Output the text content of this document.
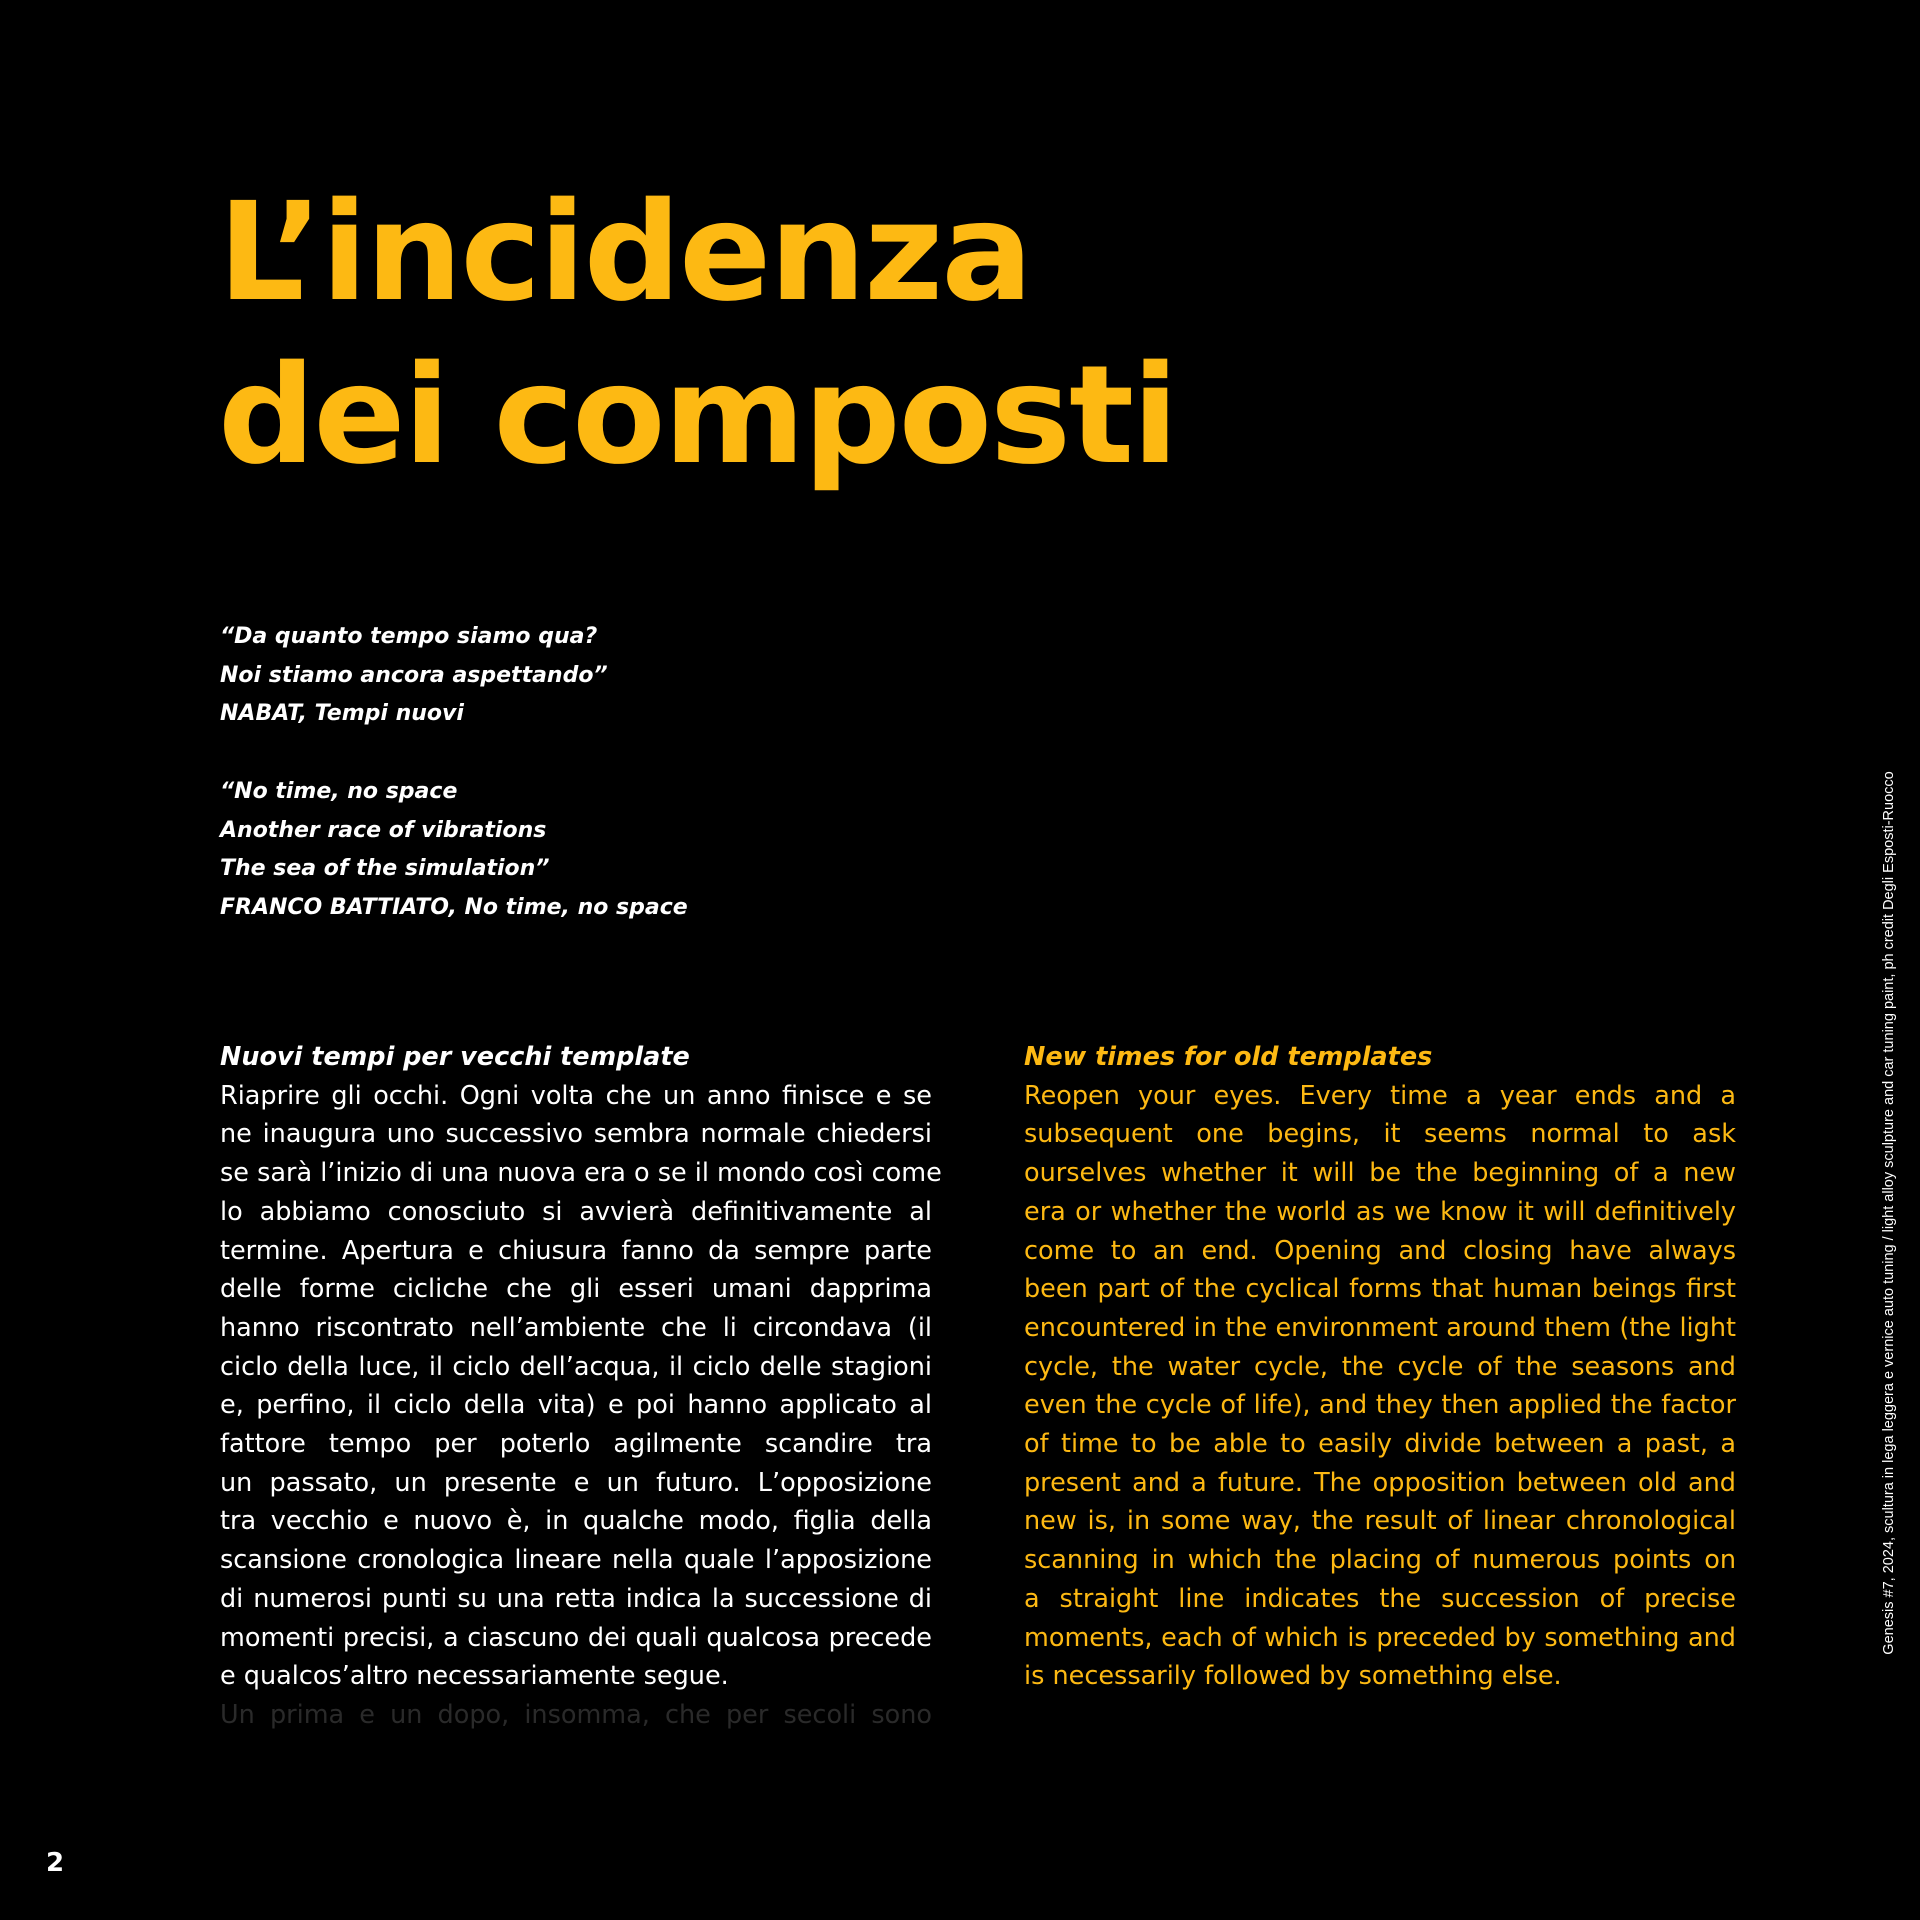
L’incidenza
dei composti

“Da quanto tempo siamo qua?
Noi stiamo ancora aspettando”
NABAT, Tempi nuovi

“No time, no space
Another race of vibrations
The sea of the simulation”
FRANCO BATTIATO, No time, no space

Nuovi tempi per vecchi template
Riaprire gli occhi. Ogni volta che un anno finisce e se
ne inaugura uno successivo sembra normale chiedersi
se sarà l’inizio di una nuova era o se il mondo così come
lo abbiamo conosciuto si avvierà definitivamente al
termine. Apertura e chiusura fanno da sempre parte
delle forme cicliche che gli esseri umani dapprima
hanno riscontrato nell’ambiente che li circondava (il
ciclo della luce, il ciclo dell’acqua, il ciclo delle stagioni
e, perfino, il ciclo della vita) e poi hanno applicato al
fattore tempo per poterlo agilmente scandire tra
un passato, un presente e un futuro. L’opposizione
tra vecchio e nuovo è, in qualche modo, figlia della
scansione cronologica lineare nella quale l’apposizione
di numerosi punti su una retta indica la successione di
momenti precisi, a ciascuno dei quali qualcosa precede
e qualcos’altro necessariamente segue.
Un prima e un dopo, insomma, che per secoli sono
New times for old templates
Reopen your eyes. Every time a year ends and a
subsequent one begins, it seems normal to ask
ourselves whether it will be the beginning of a new
era or whether the world as we know it will definitively
come to an end. Opening and closing have always
been part of the cyclical forms that human beings first
encountered in the environment around them (the light
cycle, the water cycle, the cycle of the seasons and
even the cycle of life), and they then applied the factor
of time to be able to easily divide between a past, a
present and a future. The opposition between old and
new is, in some way, the result of linear chronological
scanning in which the placing of numerous points on
a straight line indicates the succession of precise
moments, each of which is preceded by something and
is necessarily followed by something else.
Genesis #7, 2024, scultura in lega leggera e vernice auto tuning / light alloy sculpture and car tuning paint, ph credit Degli Esposti-Ruocco
2
